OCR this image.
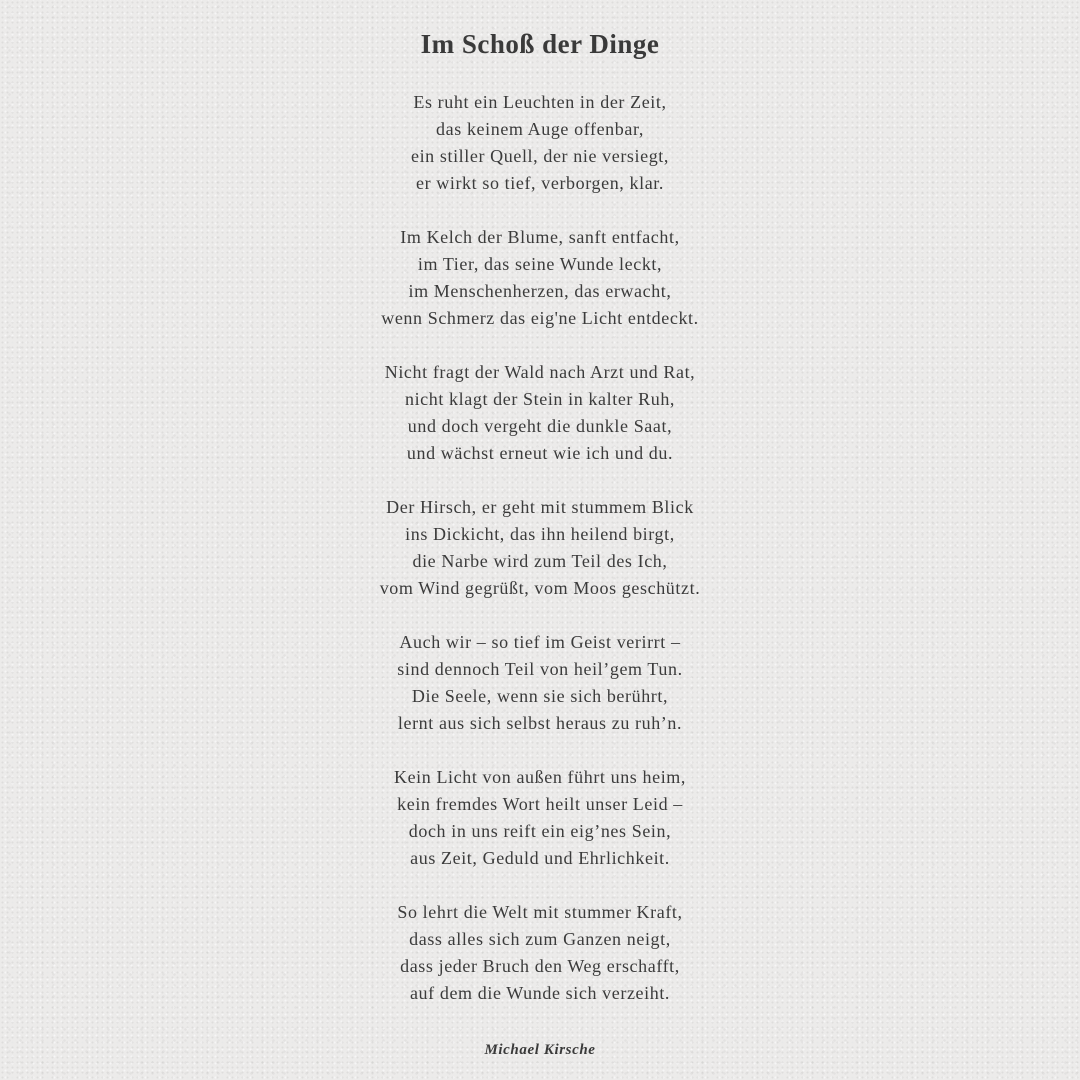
Im Schoß der Dinge
Es ruht ein Leuchten in der Zeit,
das keinem Auge offenbar,
ein stiller Quell, der nie versiegt,
er wirkt so tief, verborgen, klar.
Im Kelch der Blume, sanft entfacht,
im Tier, das seine Wunde leckt,
im Menschenherzen, das erwacht,
wenn Schmerz das eig'ne Licht entdeckt.
Nicht fragt der Wald nach Arzt und Rat,
nicht klagt der Stein in kalter Ruh,
und doch vergeht die dunkle Saat,
und wächst erneut wie ich und du.
Der Hirsch, er geht mit stummem Blick
ins Dickicht, das ihn heilend birgt,
die Narbe wird zum Teil des Ich,
vom Wind gegrüßt, vom Moos geschützt.
Auch wir – so tief im Geist verirrt –
sind dennoch Teil von heil’gem Tun.
Die Seele, wenn sie sich berührt,
lernt aus sich selbst heraus zu ruh’n.
Kein Licht von außen führt uns heim,
kein fremdes Wort heilt unser Leid –
doch in uns reift ein eig’nes Sein,
aus Zeit, Geduld und Ehrlichkeit.
So lehrt die Welt mit stummer Kraft,
dass alles sich zum Ganzen neigt,
dass jeder Bruch den Weg erschafft,
auf dem die Wunde sich verzeiht.
Michael Kirsche
